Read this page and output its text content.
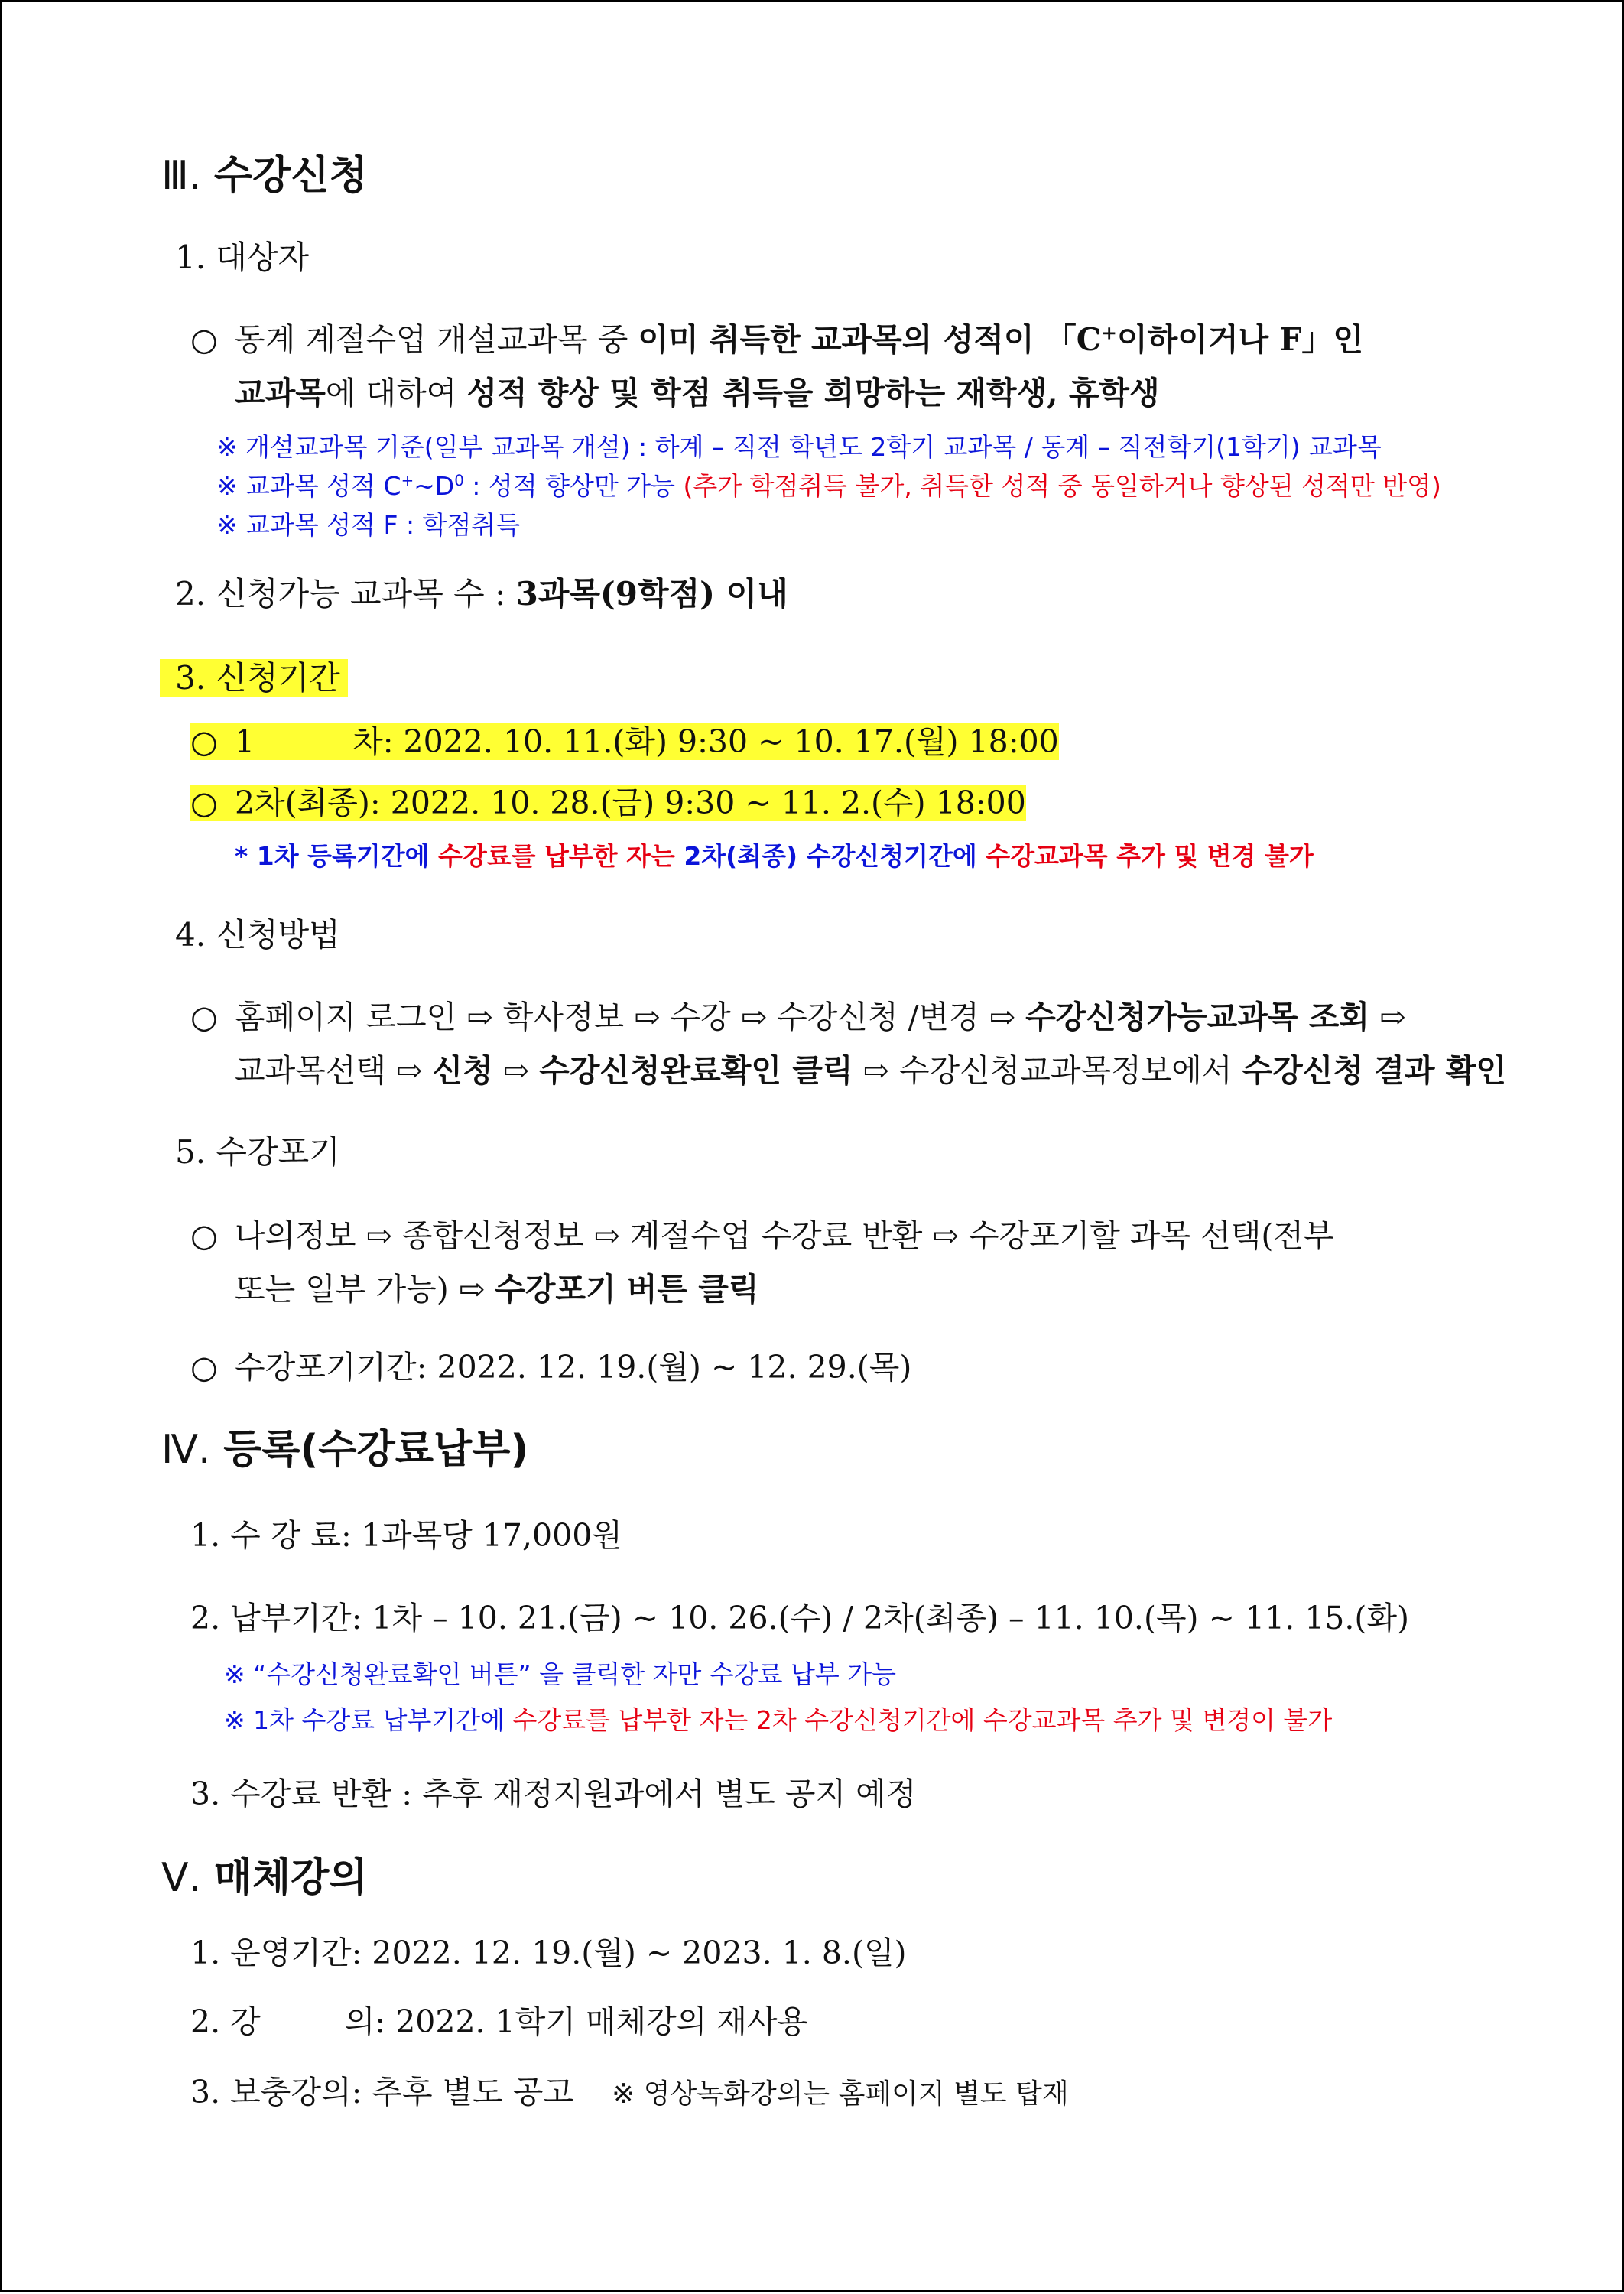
Ⅲ. 수강신청
1. 대상자
○ 동계 계절수업 개설교과목 중 이미 취득한 교과목의 성적이 「C+이하이거나 F」인
교과목에 대하여 성적 향상 및 학점 취득을 희망하는 재학생, 휴학생
※ 개설교과목 기준(일부 교과목 개설) : 하계 – 직전 학년도 2학기 교과목 / 동계 – 직전학기(1학기) 교과목
※ 교과목 성적 $C^+\sim D^0$ : 성적 향상만 가능 (추가 학점취득 불가, 취득한 성적 중 동일하거나 향상된 성적만 반영)
※ 교과목 성적 F : 학점취득
2. 신청가능 교과목 수 : 3과목(9학점) 이내
3. 신청기간
○ 1	차: 2022. 10. 11.(화) 9:30 ~ 10. 17.(월) 18:00
○ 2차(최종): 2022. 10. 28.(금) 9:30 ~ 11. 2.(수) 18:00
* 1차 등록기간에 수강료를 납부한 자는 2차(최종) 수강신청기간에 수강교과목 추가 및 변경 불가
4. 신청방법
○ 홈페이지 로그인 ⇨ 학사정보 ⇨ 수강 ⇨ 수강신청 /변경 ⇨ 수강신청가능교과목 조회 ⇨
교과목선택 ⇨ 신청 ⇨ 수강신청완료확인 클릭 ⇨ 수강신청교과목정보에서 수강신청 결과 확인
5. 수강포기
○ 나의정보 ⇨ 종합신청정보 ⇨ 계절수업 수강료 반환 ⇨ 수강포기할 과목 선택(전부
또는 일부 가능) ⇨ 수강포기 버튼 클릭
○ 수강포기기간: 2022. 12. 19.(월) ~ 12. 29.(목)
Ⅳ. 등록(수강료납부)
1. 수 강 료: 1과목당 17,000원
2. 납부기간: 1차 – 10. 21.(금) ~ 10. 26.(수) / 2차(최종) – 11. 10.(목) ~ 11. 15.(화)
※ “수강신청완료확인 버튼” 을 클릭한 자만 수강료 납부 가능
※ 1차 수강료 납부기간에 수강료를 납부한 자는 2차 수강신청기간에 수강교과목 추가 및 변경이 불가
3. 수강료 반환 : 추후 재정지원과에서 별도 공지 예정
Ⅴ. 매체강의
1. 운영기간: 2022. 12. 19.(월) ~ 2023. 1. 8.(일)
2. 강	의: 2022. 1학기 매체강의 재사용
3. 보충강의: 추후 별도 공고 ※ 영상녹화강의는 홈페이지 별도 탑재
